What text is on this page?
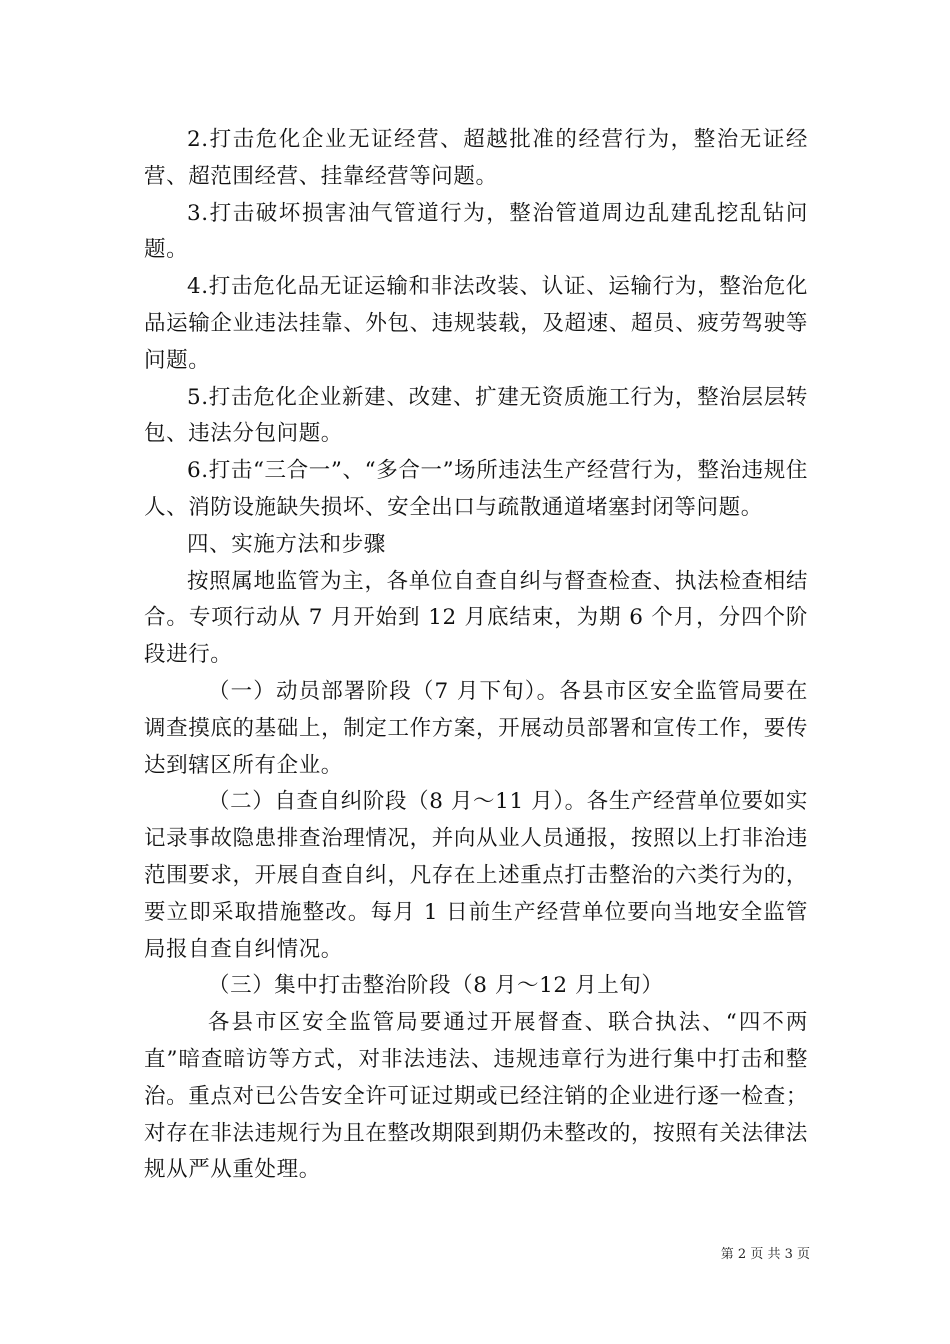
2.打击危化企业无证经营、超越批准的经营行为，整治无证经营、超范围经营、挂靠经营等问题。

3.打击破坏损害油气管道行为，整治管道周边乱建乱挖乱钻问题。

4.打击危化品无证运输和非法改装、认证、运输行为，整治危化品运输企业违法挂靠、外包、违规装载，及超速、超员、疲劳驾驶等问题。

5.打击危化企业新建、改建、扩建无资质施工行为，整治层层转包、违法分包问题。

6.打击“三合一”、“多合一”场所违法生产经营行为，整治违规住人、消防设施缺失损坏、安全出口与疏散通道堵塞封闭等问题。

四、实施方法和步骤

按照属地监管为主，各单位自查自纠与督查检查、执法检查相结合。专项行动从 7 月开始到 12 月底结束，为期 6 个月，分四个阶段进行。

（一）动员部署阶段（7 月下旬）。各县市区安全监管局要在调查摸底的基础上，制定工作方案，开展动员部署和宣传工作，要传达到辖区所有企业。

（二）自查自纠阶段（8 月～11 月）。各生产经营单位要如实记录事故隐患排查治理情况，并向从业人员通报，按照以上打非治违范围要求，开展自查自纠，凡存在上述重点打击整治的六类行为的，要立即采取措施整改。每月 1 日前生产经营单位要向当地安全监管局报自查自纠情况。

（三）集中打击整治阶段（8 月～12 月上旬）

各县市区安全监管局要通过开展督查、联合执法、“四不两直”暗查暗访等方式，对非法违法、违规违章行为进行集中打击和整治。重点对已公告安全许可证过期或已经注销的企业进行逐一检查；对存在非法违规行为且在整改期限到期仍未整改的，按照有关法律法规从严从重处理。

第 2 页 共 3 页
